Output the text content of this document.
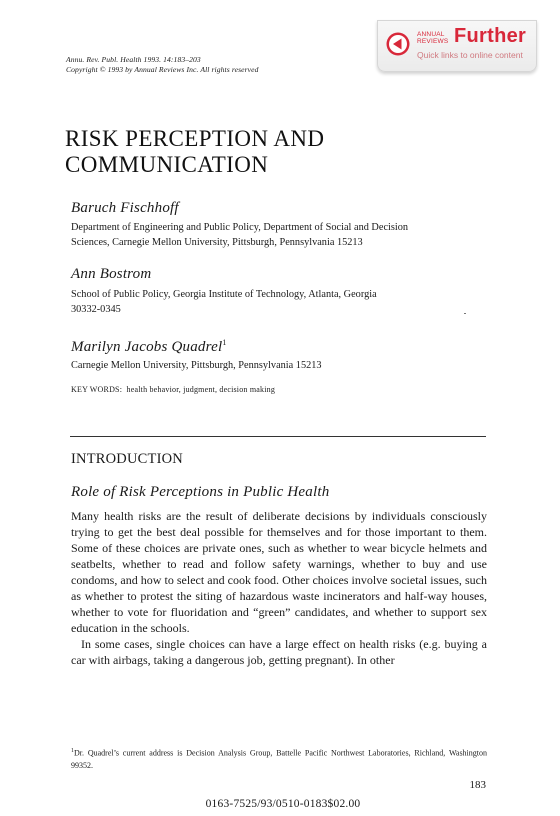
Annu. Rev. Publ. Health 1993. 14:183–203
Copyright © 1993 by Annual Reviews Inc. All rights reserved
ANNUAL
REVIEWS Further
Quick links to online content
RISK PERCEPTION AND
COMMUNICATION
Baruch Fischhoff
Department of Engineering and Public Policy, Department of Social and Decision
Sciences, Carnegie Mellon University, Pittsburgh, Pennsylvania 15213
Ann Bostrom
School of Public Policy, Georgia Institute of Technology, Atlanta, Georgia
30332-0345
Marilyn Jacobs Quadrel$^1$
Carnegie Mellon University, Pittsburgh, Pennsylvania 15213
KEY WORDS: health behavior, judgment, decision making
INTRODUCTION
Role of Risk Perceptions in Public Health

Many health risks are the result of deliberate decisions by individuals consciously trying to get the best deal possible for themselves and for those important to them. Some of these choices are private ones, such as whether to wear bicycle helmets and seatbelts, whether to read and follow safety warnings, whether to buy and use condoms, and how to select and cook food. Other choices involve societal issues, such as whether to protest the siting of hazardous waste incinerators and half-way houses, whether to vote for fluoridation and “green” candidates, and whether to support sex education in the schools.

In some cases, single choices can have a large effect on health risks (e.g. buying a car with airbags, taking a dangerous job, getting pregnant). In other

$^1$Dr. Quadrel’s current address is Decision Analysis Group, Battelle Pacific Northwest Laboratories, Richland, Washington 99352.
183
0163-7525/93/0510-0183$02.00
